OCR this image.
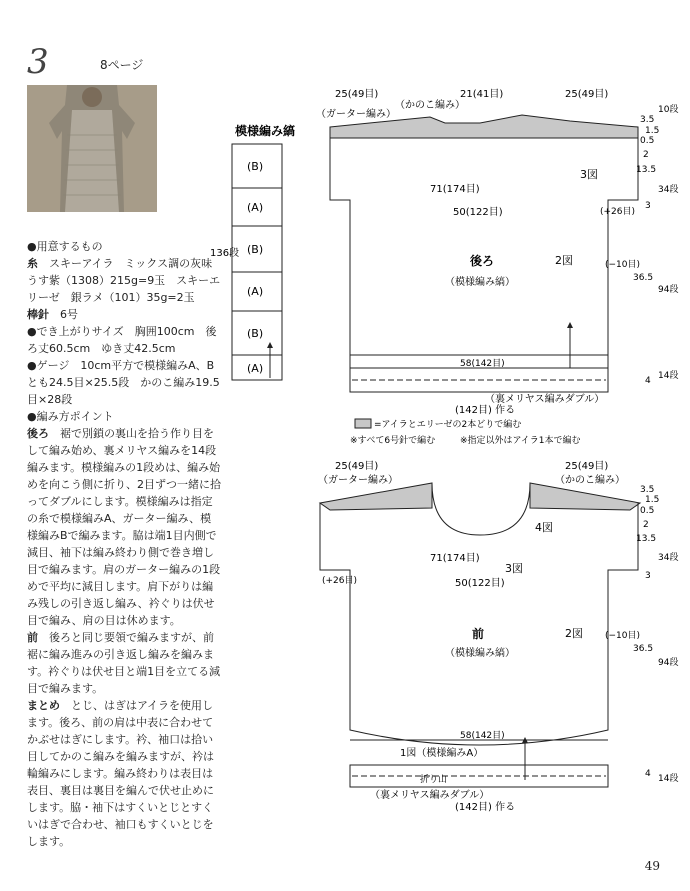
3	8ページ

●用意するもの

糸　 スキーアイラ　ミックス調の灰味うす紫（1308）215g=9玉　スキーエリーゼ　銀ラメ（101）35g=2玉

棒針　 6号

●でき上がりサイズ　胸囲100cm　後ろ丈60.5cm　ゆき丈42.5cm

●ゲージ　10cm平方で模様編みA、Bとも24.5目×25.5段　かのこ編み19.5目×28段

●編み方ポイント

後ろ　 裾で別鎖の裏山を拾う作り目をして編み始め、裏メリヤス編みを14段編みます。模様編みの1段めは、編み始めを向こう側に折り、2目ずつ一緒に拾ってダブルにします。模様編みは指定の糸で模様編みA、ガーター編み、模様編みBで編みます。脇は端1目内側で減目、袖下は編み終わり側で巻き増し目で編みます。肩のガーター編みの1段めで平均に減目します。肩下がりは編み残しの引き返し編み、衿ぐりは伏せ目で編み、肩の目は休めます。

前　 後ろと同じ要領で編みますが、前裾に編み進みの引き返し編みを編みます。衿ぐりは伏せ目と端1目を立てる減目で編みます。

まとめ　 とじ、はぎはアイラを使用します。後ろ、前の肩は中表に合わせてかぶせはぎにします。衿、袖口は拾い目してかのこ編みを編みますが、衿は輪編みにします。編み終わりは表目は表目、裏目は裏目を編んで伏せ止めにします。脇・袖下はすくいとじとすくいはぎで合わせ、袖口もすくいとじをします。

模様編み縞
(B)
(A)
(B)
(A)
(B)
(A)
136段
25(49目)	21(41目)	25(49目)
（ガーター編み）
（かのこ編み）
71(174目)
50(122目)
後ろ
（模様編み縞）
3図
2図
(+26目)
(−10目)
58(142目)
(142目) 作る
（裏メリヤス編みダブル）
3.5
1.5
0.5
2
13.5
3
36.5
4
10段
34段
94段
14段
=アイラとエリーゼの2本どりで編む
※すべて6号針で編む	※指定以外はアイラ1本で編む
25(49目)	25(49目)
（ガーター編み）	（かのこ編み）
4図
3図
71(174目)
50(122目)
(+26目)
(−10目)
前
（模様編み縞）
2図
58(142目)
1図（模様編みA）
折り山
（裏メリヤス編みダブル）
(142目) 作る
3.5
1.5
0.5
2
13.5
3
36.5
4
34段
94段
14段
49
